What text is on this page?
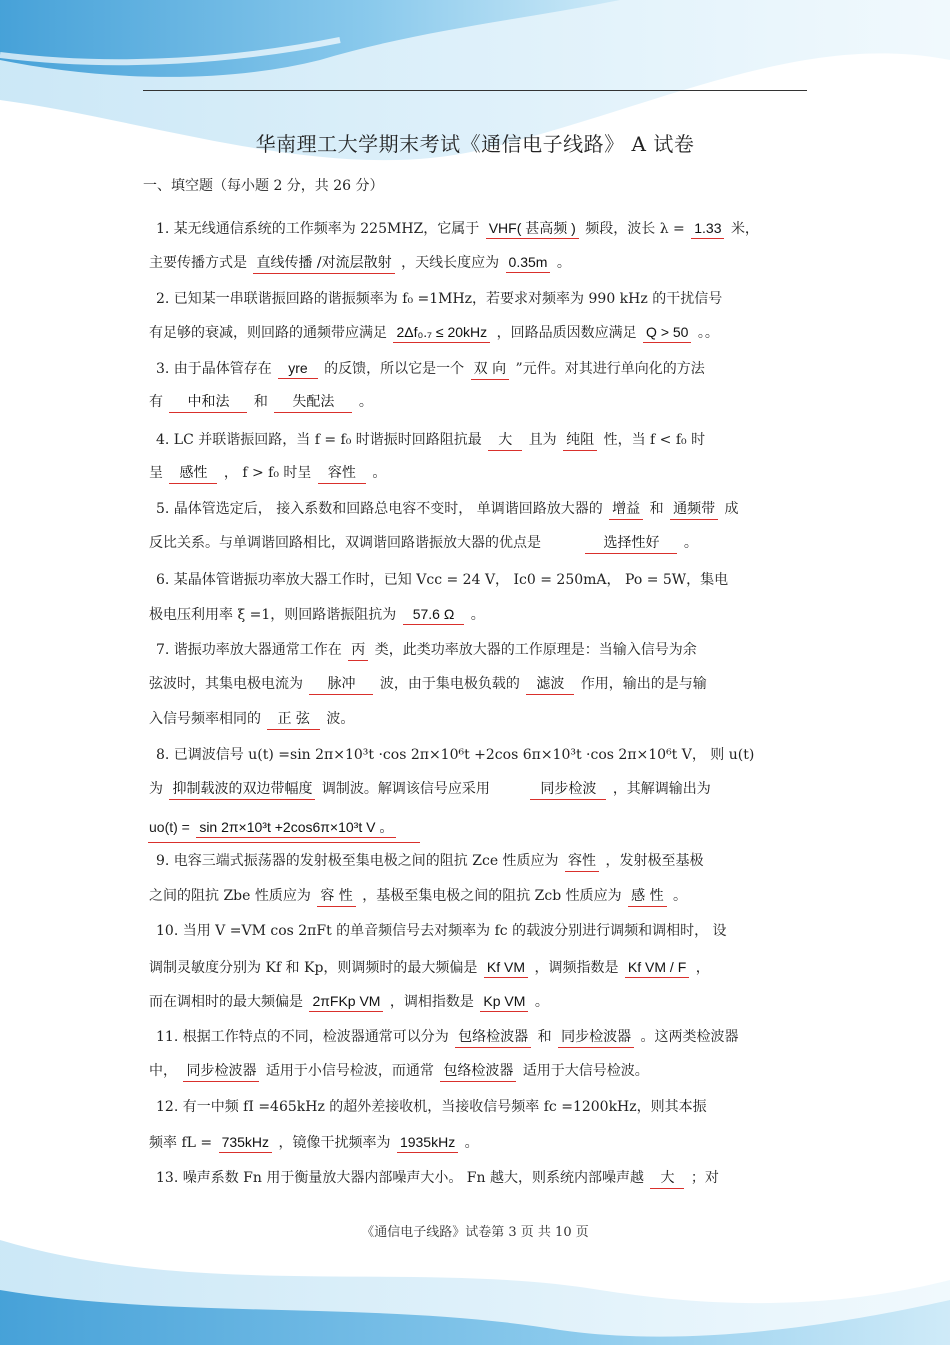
华南理工大学期末考试《通信电子线路》 A 试卷
一、填空题（每小题 2 分，共 26 分）
1. 某无线通信系统的工作频率为 225MHZ，它属于 VHF( 甚高频 ) 频段，波长 λ = 1.33 米，
主要传播方式是 直线传播 /对流层散射 ，天线长度应为 0.35m 。
2. 已知某一串联谐振回路的谐振频率为 f₀ =1MHz，若要求对频率为 990 kHz 的干扰信号
有足够的衰减，则回路的通频带应满足 2Δf₀.₇ ≤ 20kHz ，回路品质因数应满足 Q > 50 。。
3. 由于晶体管存在 yre 的反馈，所以它是一个 双 向 ”元件。对其进行单向化的方法
有 中和法 和 失配法 。
4. LC 并联谐振回路，当 f = f₀ 时谐振时回路阻抗最 大 且为 纯阻 性，当 f < f₀ 时
呈 感性 ， f > f₀ 时呈 容性 。
5. 晶体管选定后， 接入系数和回路总电容不变时， 单调谐回路放大器的 增益 和 通频带 成
反比关系。与单调谐回路相比，双调谐回路谐振放大器的优点是	选择性好 。
6. 某晶体管谐振功率放大器工作时，已知 Vcc = 24 V， Ic0 = 250mA， Po = 5W，集电
极电压利用率 ξ =1，则回路谐振阻抗为 57.6 Ω 。
7. 谐振功率放大器通常工作在 丙 类，此类功率放大器的工作原理是：当输入信号为余
弦波时，其集电极电流为 脉冲 波，由于集电极负载的 滤波 作用，输出的是与输
入信号频率相同的 正 弦 波。
8. 已调波信号 u(t) =sin 2π×10³t ·cos 2π×10⁶t +2cos 6π×10³t ·cos 2π×10⁶t V， 则 u(t)
为 抑制载波的双边带幅度 调制波。解调该信号应采用	同步检波 ，其解调输出为
uo(t) = sin 2π×10³t +2cos6π×10³t V 。
9. 电容三端式振荡器的发射极至集电极之间的阻抗 Zce 性质应为 容性 ，发射极至基极
之间的阻抗 Zbe 性质应为 容 性 ，基极至集电极之间的阻抗 Zcb 性质应为 感 性 。
10. 当用 V =VM cos 2πFt 的单音频信号去对频率为 fc 的载波分别进行调频和调相时， 设
调制灵敏度分别为 Kf 和 Kp，则调频时的最大频偏是 Kf VM ，调频指数是 Kf VM / F ，
而在调相时的最大频偏是 2πFKp VM ，调相指数是 Kp VM 。
11. 根据工作特点的不同，检波器通常可以分为 包络检波器 和 同步检波器 。这两类检波器
中， 同步检波器 适用于小信号检波，而通常 包络检波器 适用于大信号检波。
12. 有一中频 fI =465kHz 的超外差接收机，当接收信号频率 fc =1200kHz，则其本振
频率 fL = 735kHz ，镜像干扰频率为 1935kHz 。
13. 噪声系数 Fn 用于衡量放大器内部噪声大小。 Fn 越大，则系统内部噪声越 大 ；对
《通信电子线路》试卷第 3 页 共 10 页
